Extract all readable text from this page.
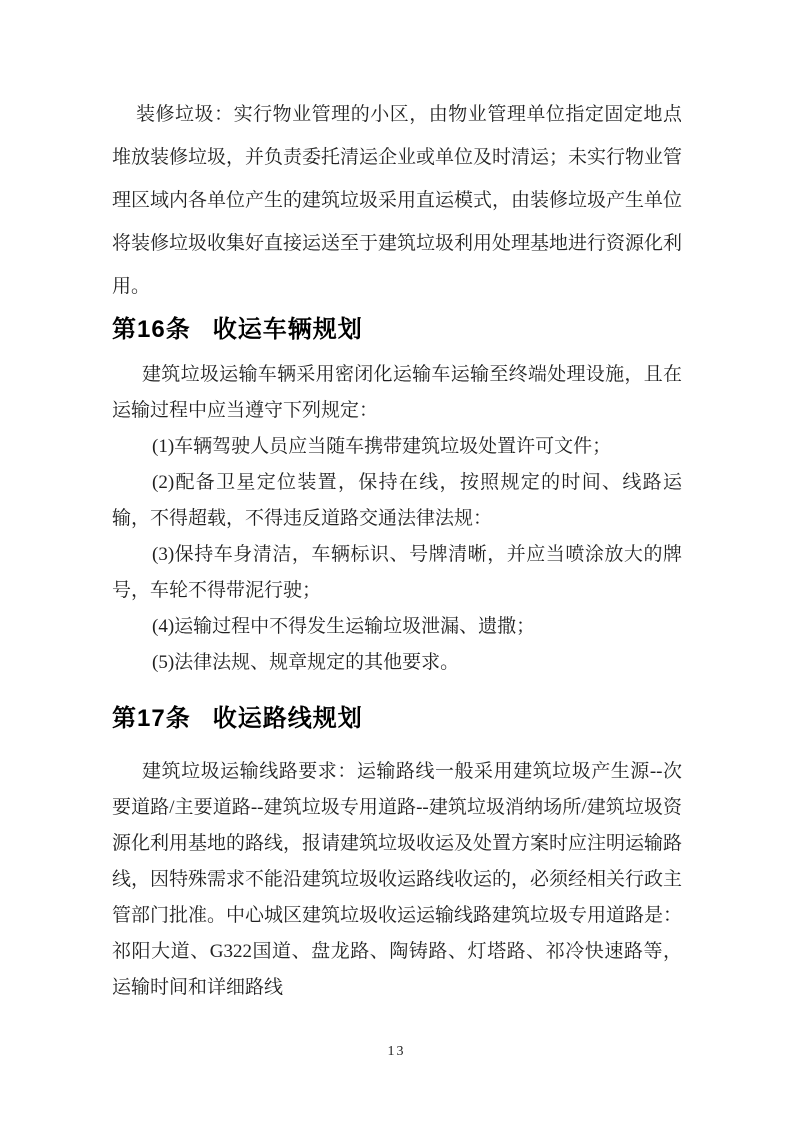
装修垃圾：实行物业管理的小区，由物业管理单位指定固定地点堆放装修垃圾，并负责委托清运企业或单位及时清运；未实行物业管理区域内各单位产生的建筑垃圾采用直运模式，由装修垃圾产生单位将装修垃圾收集好直接运送至于建筑垃圾利用处理基地进行资源化利用。

第16条 收运车辆规划

建筑垃圾运输车辆采用密闭化运输车运输至终端处理设施，且在运输过程中应当遵守下列规定：

(1)车辆驾驶人员应当随车携带建筑垃圾处置许可文件；

(2)配备卫星定位装置，保持在线，按照规定的时间、线路运输，不得超载，不得违反道路交通法律法规：

(3)保持车身清洁，车辆标识、号牌清晰，并应当喷涂放大的牌号，车轮不得带泥行驶；

(4)运输过程中不得发生运输垃圾泄漏、遗撒；

(5)法律法规、规章规定的其他要求。

第17条 收运路线规划

建筑垃圾运输线路要求：运输路线一般采用建筑垃圾产生源--次要道路/主要道路--建筑垃圾专用道路--建筑垃圾消纳场所/建筑垃圾资源化利用基地的路线，报请建筑垃圾收运及处置方案时应注明运输路线，因特殊需求不能沿建筑垃圾收运路线收运的，必须经相关行政主管部门批准。中心城区建筑垃圾收运运输线路建筑垃圾专用道路是：祁阳大道、G322国道、盘龙路、陶铸路、灯塔路、祁冷快速路等，运输时间和详细路线

13
